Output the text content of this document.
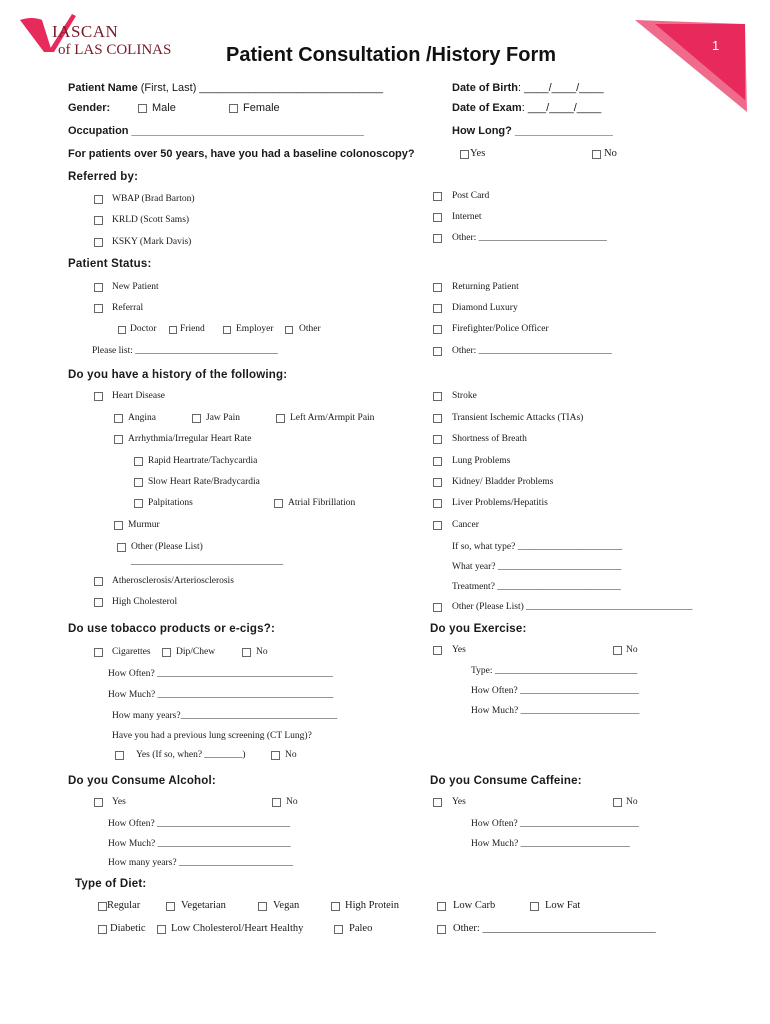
IASCAN
of LAS COLINAS	Patient Consultation /History Form	1
Patient Name (First, Last) ______________________________	Date of Birth: ____/____/____
Gender:	Male	Female	Date of Exam: ___/____/____
Occupation ______________________________________	How Long? ________________
For patients over 50 years, have you had a baseline colonoscopy?	Yes	No
Referred by:
WBAP (Brad Barton)
KRLD (Scott Sams)
KSKY (Mark Davis)
Post Card
Internet
Other: ___________________________
Patient Status:
New Patient
Referral
Doctor Friend	Employer	Other
Please list: ______________________________
Returning Patient
Diamond Luxury
Firefighter/Police Officer
Other: ____________________________
Do you have a history of the following:
Heart Disease
Angina	Jaw Pain	Left Arm/Armpit Pain
Arrhythmia/Irregular Heart Rate
Rapid Heartrate/Tachycardia
Slow Heart Rate/Bradycardia
Palpitations	Atrial Fibrillation
Murmur
Other (Please List)
________________________________
Atherosclerosis/Arteriosclerosis
High Cholesterol
Stroke
Transient Ischemic Attacks (TIAs)
Shortness of Breath
Lung Problems
Kidney/ Bladder Problems
Liver Problems/Hepatitis
Cancer
If so, what type? ______________________
What year? __________________________
Treatment? __________________________
Other (Please List) ___________________________________
Do use tobacco products or e-cigs?:
Cigarettes	Dip/Chew	No
How Often? _____________________________________
How Much? _____________________________________
How many years?_________________________________
Have you had a previous lung screening (CT Lung)?
Yes (If so, when? ________)	No
Do you Exercise:
Yes	No
Type: ______________________________
How Often? _________________________
How Much? _________________________
Do you Consume Alcohol:
Yes	No
How Often? ____________________________
How Much? ____________________________
How many years? ________________________
Do you Consume Caffeine:
Yes	No
How Often? _________________________
How Much? _______________________
Type of Diet:
Regular	Vegetarian	Vegan	High Protein	Low Carb	Low Fat
Diabetic Low Cholesterol/Heart Healthy	Paleo	Other: _________________________________
